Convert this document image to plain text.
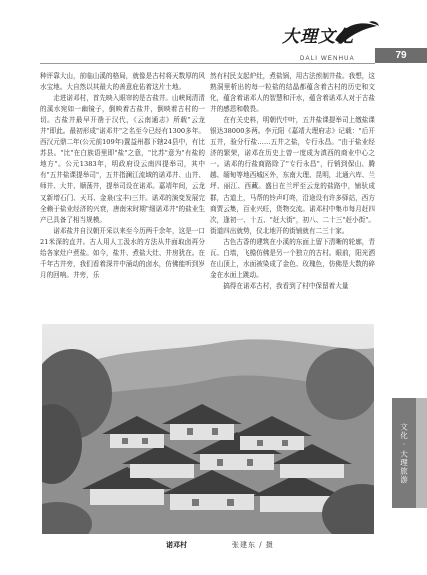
大理文化
DALI WENHUA	79

种评靠大山，前临山溪的格局，就像是古村将天数厚的风水宝地。大自然以其最大的善意庇佑着这片土地。

走进诺邓村，首先映入眼帘的是古盐井。山峡间清清的溪水宛如一幽镜子，倒映着古盐井，倒映着古村的一切。古盐井最早开凿于汉代，《云南通志》所载"云龙井"即此。最初形成"诺邓井"之名至今已经有1300多年。西汉元鼎二年(公元前109年)置益州郡下辖24县中，有比苏县。"比"在白族语里即"盐"之意，"比苏"意为"有盐的地方"。公元1383年，明政府设云南四提举司，其中有"五井盐课提举司"，五井指澜江流域的诺邓井、山井、师井、大井、顺荡井，提举司设在诺邓。嘉靖年间，云龙又新增石门、天耳、金泉(宝丰)三井。诺邓的演变发展完全赖于盐业经济的兴衰，唐南宋时期"细诺邓井"的盐业生产已具备了相当规模。

诺邓盐井自汉朝开采以来至今历两千余年，这是一口21米深的直井。古人用人工汲水的方法从井面取卤再分给各家灶户煮盐。如今，盐井、煮盐大灶、井房犹在。在千年古井旁，我们看着深井中涌动的卤水，仿佛能听到岁月的回响。井旁，乐

然有村民支起炉灶，煮盐锅，用古法煎制井盐。我想，这熟洞里析出的每一粒盐的结晶都蕴含着古村的历史和文化，蕴含着诺邓人的智慧和汗水，蕴含着诺邓人对于古盐井的感恩和敬畏。

在有关史料，明朝代中叶，五井盐课提举司上缴盐课银达38000多两。李元阳《嘉靖大理府志》记载："后开五井，验分行盐……五井之盐，专行永昌。"由于盐业经济的繁荣，诺邓在历史上曾一度成为滇西的商业中心之一。诺邓的行盐商路除了"专行永昌"，行销到保山、腾越、缅甸等地西城区外，东南大理、昆明，北通六库、兰坪、丽江、西藏。盛日在兰坪至云龙的盐路中，铺驮成群，古道上，马帮的铃声叮咚，沿途设有许多驿站，西方商贾云集，百业兴旺，货物交流。诺邓村中集市每月赶四次，逢初一、十五、"赶大街"，初八、二十三"赶小街"。街道四出就势，仪北地开的街铺就有二三十家。

古色古香的建筑在小溪的东面上留下清晰的轮廓，青瓦、白墙，飞檐仿佛是另一个独立的古村。眼前，阳光洒在山顶上，水面被染成了金色、玫瑰色，仿佛是大数的碎金在水面上跳动。

搞得在诺邓古村，我看到了村中保留着大量

诺邓村	张建东 / 摄
文化·大理旅游
